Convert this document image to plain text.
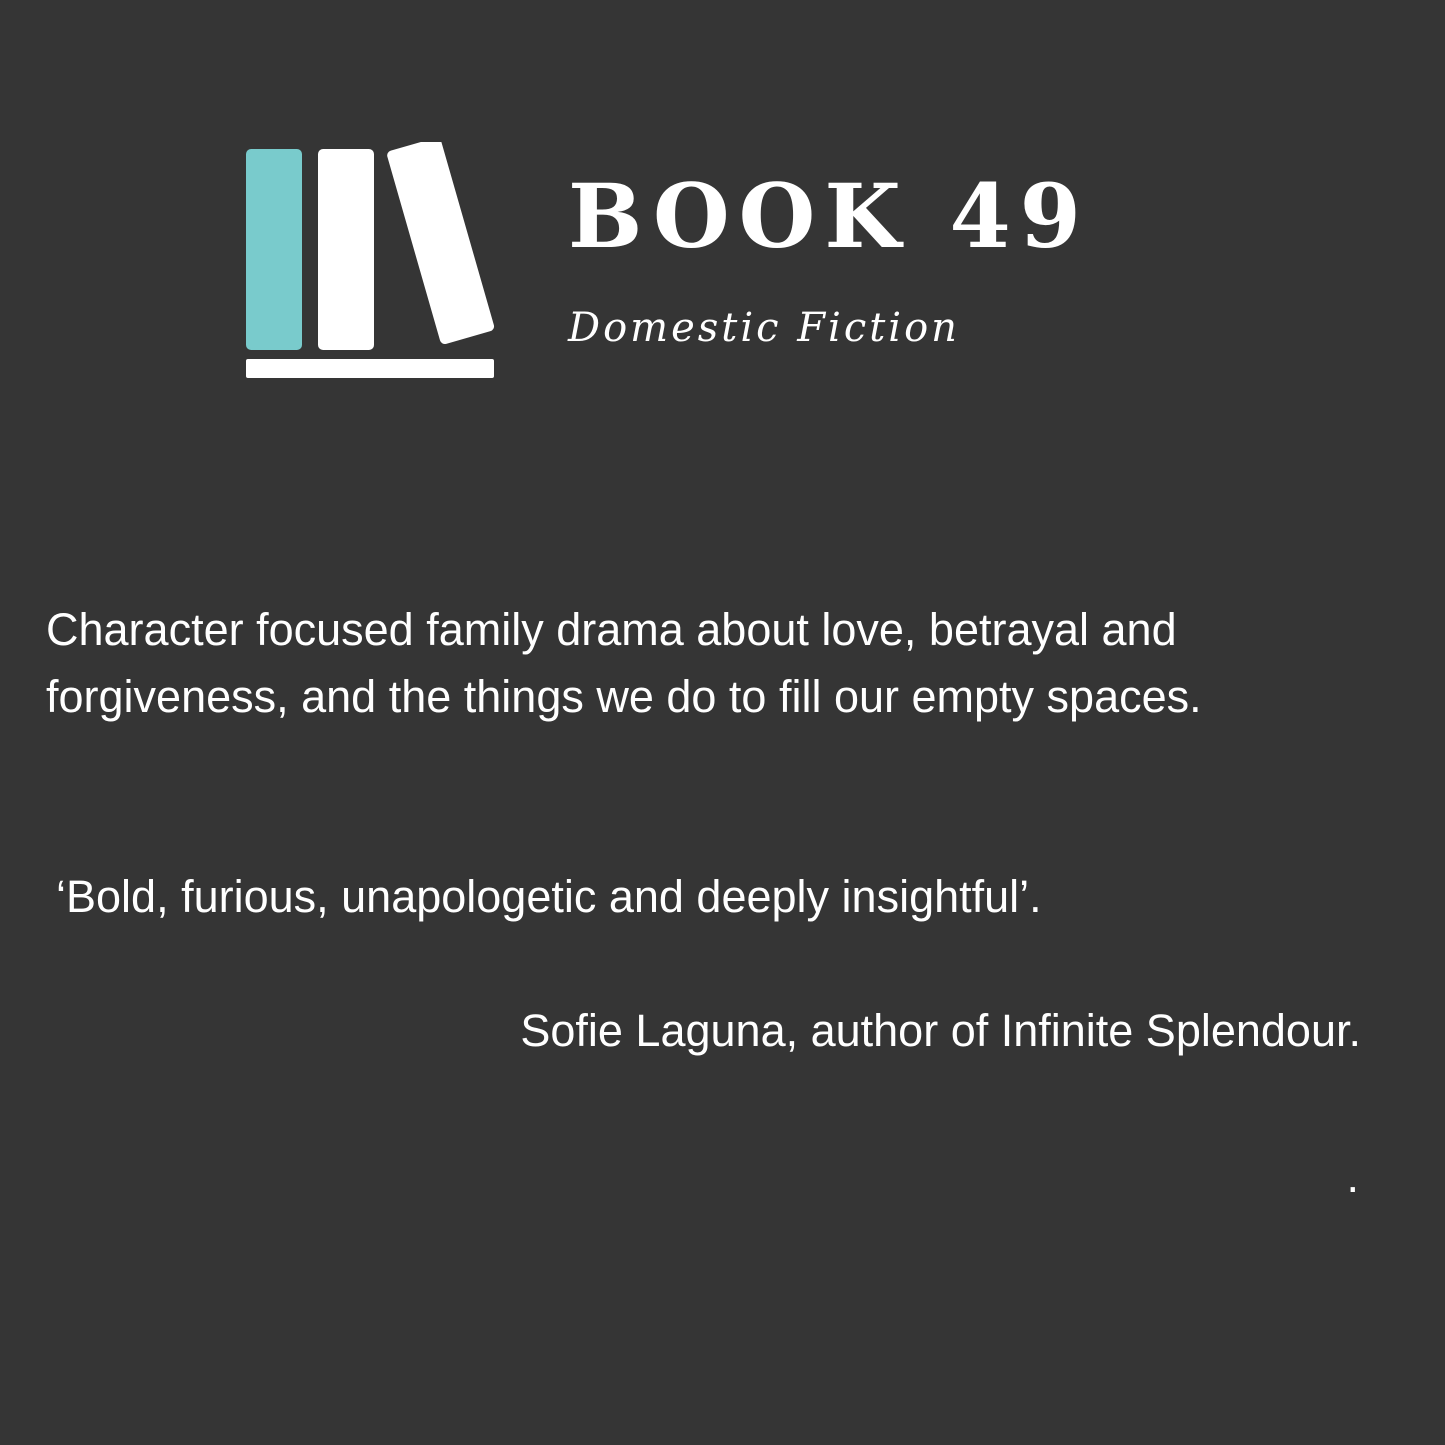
BOOK 49

Domestic Fiction

Character focused family drama about love, betrayal and
forgiveness, and the things we do to fill our empty spaces.

‘Bold, furious, unapologetic and deeply insightful’.

Sofie Laguna, author of Infinite Splendour.

.
